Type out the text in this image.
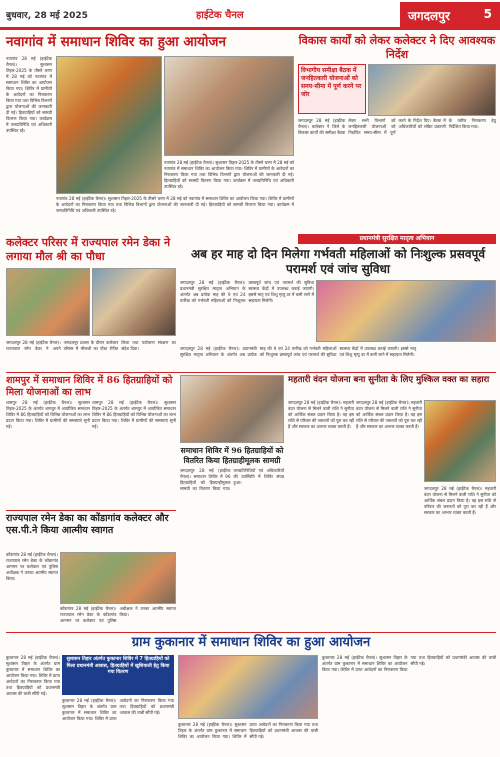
बुधवार, 28 मई 2025	हाईटेक चैनल	जगदलपुर	5
नवागांव में समाधान शिविर का हुआ आयोजन
नवागांव 28 मई (हाईटेक चैनल)। सुशासन तिहार-2025 के तीसरे चरण में 28 मई को नवागांव में समाधान शिविर का आयोजन किया गया। शिविर में ग्रामीणों के आवेदनों का निराकरण किया गया तथा विभिन्न विभागों द्वारा योजनाओं की जानकारी दी गई। हितग्राहियों को सामग्री वितरण किया गया। कार्यक्रम में जनप्रतिनिधि एवं अधिकारी उपस्थित रहे।
नवागांव 28 मई (हाईटेक चैनल)। सुशासन तिहार-2025 के तीसरे चरण में 28 मई को नवागांव में समाधान शिविर का आयोजन किया गया। शिविर में ग्रामीणों के आवेदनों का निराकरण किया गया तथा विभिन्न विभागों द्वारा योजनाओं की जानकारी दी गई। हितग्राहियों को सामग्री वितरण किया गया। कार्यक्रम में जनप्रतिनिधि एवं अधिकारी उपस्थित रहे।
नवागांव 28 मई (हाईटेक चैनल)। सुशासन तिहार-2025 के तीसरे चरण में 28 मई को नवागांव में समाधान शिविर का आयोजन किया गया। शिविर में ग्रामीणों के आवेदनों का निराकरण किया गया तथा विभिन्न विभागों द्वारा योजनाओं की जानकारी दी गई। हितग्राहियों को सामग्री वितरण किया गया। कार्यक्रम में जनप्रतिनिधि एवं अधिकारी उपस्थित रहे।
विकास कार्यों को लेकर कलेक्टर ने दिए आवश्यक निर्देश
विभागीय समीक्षा बैठक में जनहितकारी योजनाओं को समय-सीमा में पूर्ण करने पर जोर
जगदलपुर 28 मई (हाईटेक चैनल)। कलेक्टर ने जिले के विकास कार्यों की समीक्षा बैठक लेकर सभी विभागों को जनहितकारी योजनाओं को निर्धारित समय-सीमा में पूर्ण करने के निर्देश दिए। बैठक में अधिकारियों को लंबित प्रकरणों के त्वरित निराकरण हेतु निर्देशित किया गया।
प्रधानमंत्री सुरक्षित मातृत्व अभियान
अब हर माह दो दिन मिलेगा गर्भवती महिलाओं को निःशुल्क प्रसवपूर्व परामर्श एवं जांच सुविधा
जगदलपुर 28 मई (हाईटेक चैनल)। प्रधानमंत्री सुरक्षित मातृत्व अभियान के अंतर्गत अब प्रत्येक माह की 9 एवं 24 तारीख को गर्भवती महिलाओं को निःशुल्क प्रसवपूर्व जांच एवं परामर्श की सुविधा स्वास्थ्य केंद्रों में उपलब्ध कराई जाएगी। इससे मातृ एवं शिशु मृत्यु दर में कमी लाने में सहायता मिलेगी।
जगदलपुर 28 मई (हाईटेक चैनल)। प्रधानमंत्री सुरक्षित मातृत्व अभियान के अंतर्गत अब प्रत्येक माह की 9 एवं 24 तारीख को गर्भवती महिलाओं को निःशुल्क प्रसवपूर्व जांच एवं परामर्श की सुविधा स्वास्थ्य केंद्रों में उपलब्ध कराई जाएगी। इससे मातृ एवं शिशु मृत्यु दर में कमी लाने में सहायता मिलेगी।
कलेक्टर परिसर में राज्यपाल रमेन डेका ने लगाया मौल श्री का पौधा
जगदलपुर 28 मई (हाईटेक चैनल)। राज्यपाल रमेन डेका ने अपने जगदलपुर प्रवास के दौरान कलेक्टर परिसर में मौलश्री का पौधा रोपित किया तथा पर्यावरण संरक्षण का संदेश दिया।
शामपुर में समाधान शिविर में 86 हितग्राहियों को मिला योजनाओं का लाभ
शामपुर 28 मई (हाईटेक चैनल)। सुशासन तिहार-2025 के अंतर्गत शामपुर में आयोजित समाधान शिविर में 86 हितग्राहियों को विभिन्न योजनाओं का लाभ प्रदान किया गया। शिविर में ग्रामीणों की समस्याएं सुनी गई।
शामपुर 28 मई (हाईटेक चैनल)। सुशासन तिहार-2025 के अंतर्गत शामपुर में आयोजित समाधान शिविर में 86 हितग्राहियों को विभिन्न योजनाओं का लाभ प्रदान किया गया। शिविर में ग्रामीणों की समस्याएं सुनी गई।
समाधान शिविर में 96 हितग्राहियों को वितरित किया हितग्राहीमूलक सामग्री
जगदलपुर 28 मई (हाईटेक चैनल)। समाधान शिविर में 96 हितग्राहियों को हितग्राहीमूलक सामग्री का वितरण किया गया। जनप्रतिनिधियों एवं अधिकारियों की उपस्थिति में शिविर संपन्न हुआ।
महतारी वंदन योजना बना सुनीता के लिए मुश्किल वक्त का सहारा
जगदलपुर 28 मई (हाईटेक चैनल)। महतारी वंदन योजना से मिलने वाली राशि ने सुनीता को आर्थिक संबल प्रदान किया है। वह इस राशि से परिवार की जरूरतों को पूरा कर रही हैं और सरकार का आभार व्यक्त करती हैं।
जगदलपुर 28 मई (हाईटेक चैनल)। महतारी वंदन योजना से मिलने वाली राशि ने सुनीता को आर्थिक संबल प्रदान किया है। वह इस राशि से परिवार की जरूरतों को पूरा कर रही हैं और सरकार का आभार व्यक्त करती हैं।
जगदलपुर 28 मई (हाईटेक चैनल)। महतारी वंदन योजना से मिलने वाली राशि ने सुनीता को आर्थिक संबल प्रदान किया है। वह इस राशि से परिवार की जरूरतों को पूरा कर रही हैं और सरकार का आभार व्यक्त करती हैं।
राज्यपाल रमेन डेका का कोंडागांव कलेक्टर और एस.पी.ने किया आत्मीय स्वागत
कोंडागांव 28 मई (हाईटेक चैनल)। राज्यपाल रमेन डेका के कोंडागांव आगमन पर कलेक्टर एवं पुलिस अधीक्षक ने उनका आत्मीय स्वागत किया।
कोंडागांव 28 मई (हाईटेक चैनल)। राज्यपाल रमेन डेका के कोंडागांव आगमन पर कलेक्टर एवं पुलिस अधीक्षक ने उनका आत्मीय स्वागत किया।
ग्राम कुकानार में समाधान शिविर का हुआ आयोजन
कुकानार 28 मई (हाईटेक चैनल)। सुशासन तिहार के अंतर्गत ग्राम कुकानार में समाधान शिविर का आयोजन किया गया। शिविर में प्राप्त आवेदनों का निराकरण किया गया तथा हितग्राहियों को प्रधानमंत्री आवास की चाबी सौंपी गई।
सुशासन तिहार अंतर्गत कुकानार शिविर में 7 हितग्राहियों को मिला प्रधानमंत्री आवास, हितग्राहियों में खुशियाली हेतु किया गया वितरण
कुकानार 28 मई (हाईटेक चैनल)। सुशासन तिहार के अंतर्गत ग्राम कुकानार में समाधान शिविर का आयोजन किया गया। शिविर में प्राप्त आवेदनों का निराकरण किया गया तथा हितग्राहियों को प्रधानमंत्री आवास की चाबी सौंपी गई।
कुकानार 28 मई (हाईटेक चैनल)। सुशासन तिहार के अंतर्गत ग्राम कुकानार में समाधान शिविर का आयोजन किया गया। शिविर में प्राप्त आवेदनों का निराकरण किया गया तथा हितग्राहियों को प्रधानमंत्री आवास की चाबी सौंपी गई।
कुकानार 28 मई (हाईटेक चैनल)। सुशासन तिहार के अंतर्गत ग्राम कुकानार में समाधान शिविर का आयोजन किया गया। शिविर में प्राप्त आवेदनों का निराकरण किया गया तथा हितग्राहियों को प्रधानमंत्री आवास की चाबी सौंपी गई।
